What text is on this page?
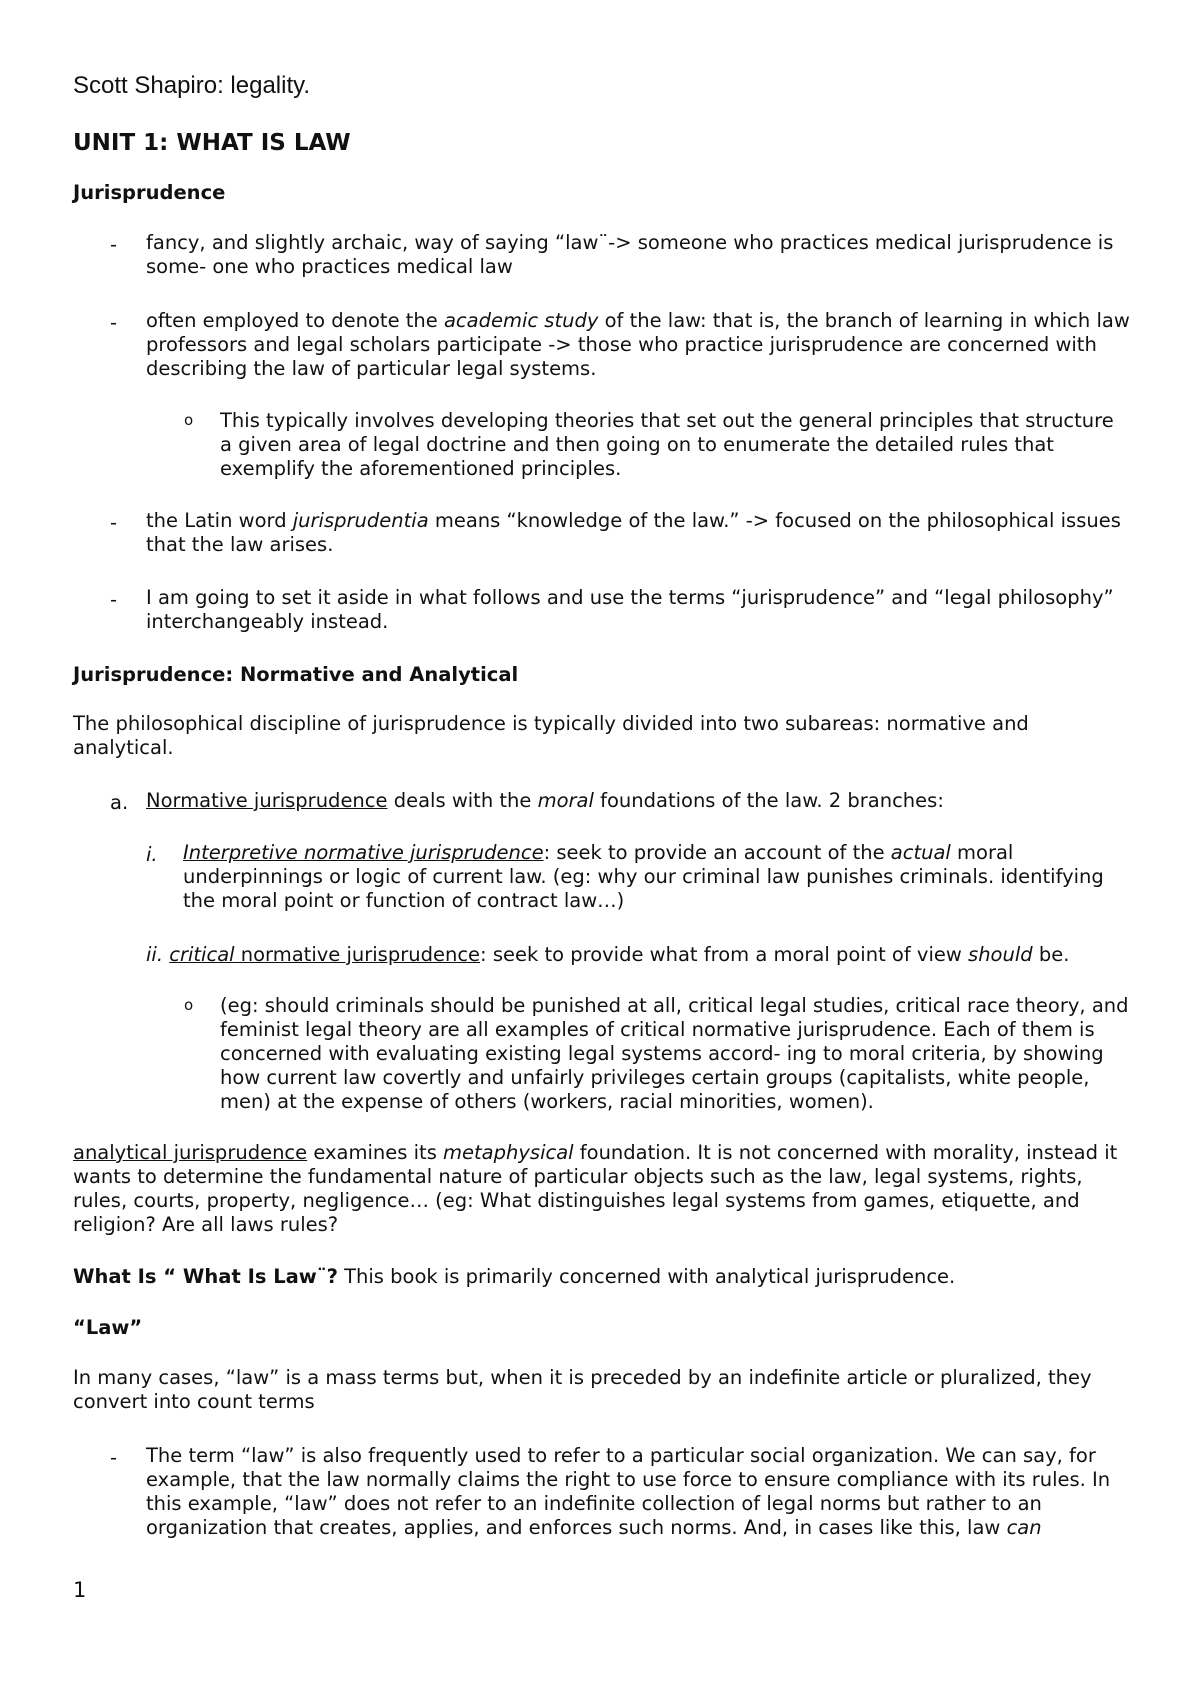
Scott Shapiro: legality.
UNIT 1: WHAT IS LAW
Jurisprudence
- fancy, and slightly archaic, way of saying “law¨-> someone who practices medical jurisprudence is some- one who practices medical law
- often employed to denote the academic study of the law: that is, the branch of learning in which law professors and legal scholars participate -> those who practice jurisprudence are concerned with describing the law of particular legal systems.
o This typically involves developing theories that set out the general principles that structure a given area of legal doctrine and then going on to enumerate the detailed rules that exemplify the aforementioned principles.
- the Latin word jurisprudentia means “knowledge of the law.” -> focused on the philosophical issues that the law arises.
- I am going to set it aside in what follows and use the terms “jurisprudence” and “legal philosophy” interchangeably instead.
Jurisprudence: Normative and Analytical
The philosophical discipline of jurisprudence is typically divided into two subareas: normative and analytical.
a. Normative jurisprudence deals with the moral foundations of the law. 2 branches:
i. Interpretive normative jurisprudence: seek to provide an account of the actual moral underpinnings or logic of current law. (eg: why our criminal law punishes criminals. identifying the moral point or function of contract law…)
ii. critical normative jurisprudence: seek to provide what from a moral point of view should be.
o (eg: should criminals should be punished at all, critical legal studies, critical race theory, and feminist legal theory are all examples of critical normative jurisprudence. Each of them is concerned with evaluating existing legal systems accord- ing to moral criteria, by showing how current law covertly and unfairly privileges certain groups (capitalists, white people, men) at the expense of others (workers, racial minorities, women).
analytical jurisprudence examines its metaphysical foundation. It is not concerned with morality, instead it wants to determine the fundamental nature of particular objects such as the law, legal systems, rights, rules, courts, property, negligence… (eg: What distinguishes legal systems from games, etiquette, and religion? Are all laws rules?
What Is “ What Is Law¨? This book is primarily concerned with analytical jurisprudence.
“Law”
In many cases, “law” is a mass terms but, when it is preceded by an indefinite article or pluralized, they convert into count terms
- The term “law” is also frequently used to refer to a particular social organization. We can say, for example, that the law normally claims the right to use force to ensure compliance with its rules. In this example, “law” does not refer to an indefinite collection of legal norms but rather to an organization that creates, applies, and enforces such norms. And, in cases like this, law can
1
